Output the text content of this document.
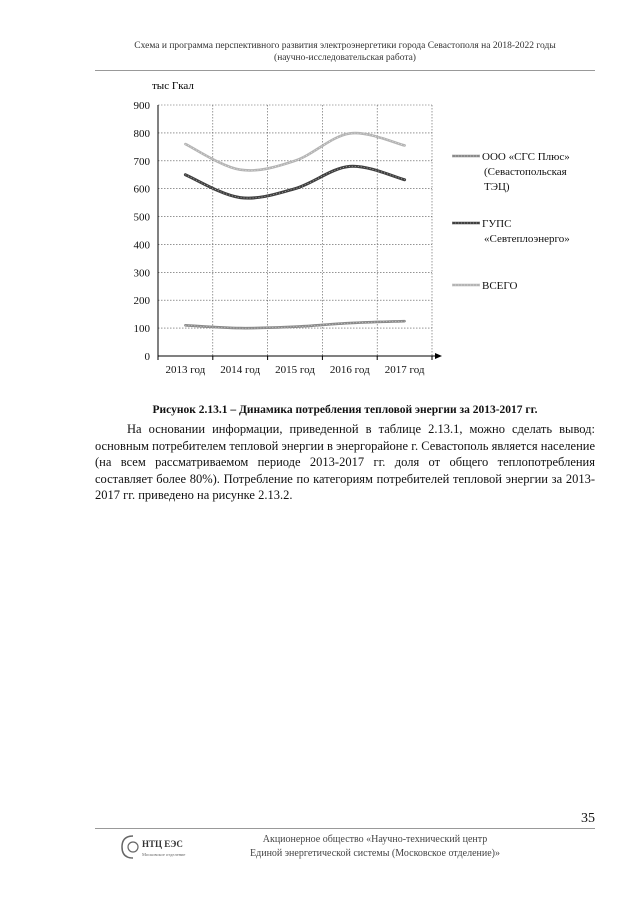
Схема и программа перспективного развития электроэнергетики города Севастополя на 2018-2022 годы
(научно-исследовательская работа)
тыс Гкал
0
100
200
300
400
500
600
700
800
900
2013 год 2014 год 2015 год 2016 год 2017 год
ООО «СГС Плюс»
(Севастопольская
ТЭЦ)
ГУПС
«Севтеплоэнерго»
ВСЕГО
Рисунок 2.13.1 – Динамика потребления тепловой энергии за 2013-2017 гг.

На основании информации, приведенной в таблице 2.13.1, можно сделать вывод: основным потребителем тепловой энергии в энергорайоне г. Севастополь является население (на всем рассматриваемом периоде 2013-2017 гг. доля от общего теплопотребления составляет более 80%). Потребление по категориям потребителей тепловой энергии за 2013-2017 гг. приведено на рисунке 2.13.2.

35
НТЦ ЕЭС
Московское отделение
Акционерное общество «Научно-технический центр
Единой энергетической системы (Московское отделение)»
